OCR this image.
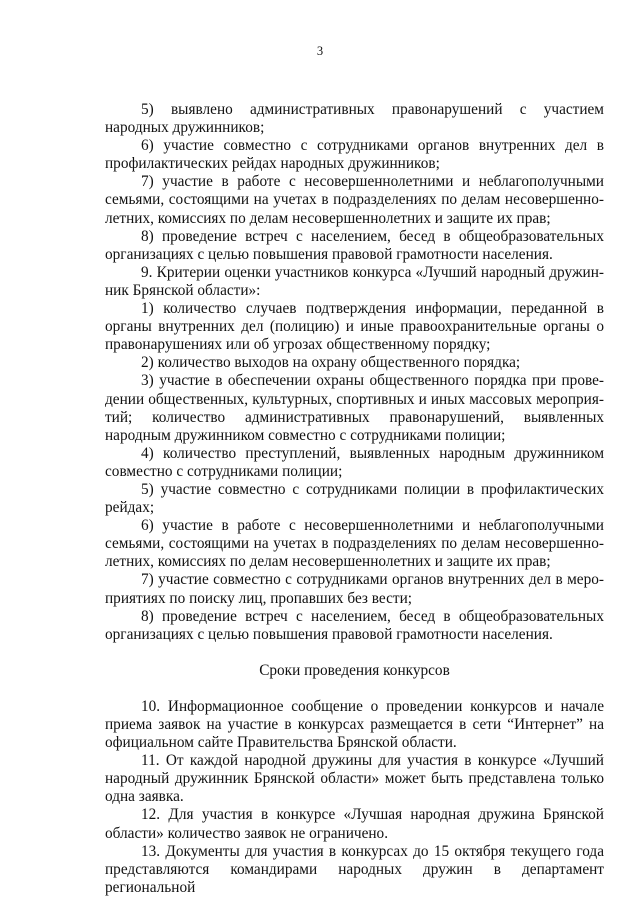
3

5) выявлено административных правонарушений с участием народных дружинников;

6) участие совместно с сотрудниками органов внутренних дел в профилактических рейдах народных дружинников;

7) участие в работе с несовершеннолетними и неблагополучными семьями, состоящими на учетах в подразделениях по делам несовершеннолетних, комиссиях по делам несовершеннолетних и защите их прав;

8) проведение встреч с населением, бесед в общеобразовательных организациях с целью повышения правовой грамотности населения.

9. Критерии оценки участников конкурса «Лучший народный дружинник Брянской области»:

1) количество случаев подтверждения информации, переданной в органы внутренних дел (полицию) и иные правоохранительные органы о правонарушениях или об угрозах общественному порядку;

2) количество выходов на охрану общественного порядка;

3) участие в обеспечении охраны общественного порядка при проведении общественных, культурных, спортивных и иных массовых мероприятий; количество административных правонарушений, выявленных народным дружинником совместно с сотрудниками полиции;

4) количество преступлений, выявленных народным дружинником совместно с сотрудниками полиции;

5) участие совместно с сотрудниками полиции в профилактических рейдах;

6) участие в работе с несовершеннолетними и неблагополучными семьями, состоящими на учетах в подразделениях по делам несовершеннолетних, комиссиях по делам несовершеннолетних и защите их прав;

7) участие совместно с сотрудниками органов внутренних дел в мероприятиях по поиску лиц, пропавших без вести;

8) проведение встреч с населением, бесед в общеобразовательных организациях с целью повышения правовой грамотности населения.

Сроки проведения конкурсов

10. Информационное сообщение о проведении конкурсов и начале приема заявок на участие в конкурсах размещается в сети “Интернет” на официальном сайте Правительства Брянской области.

11. От каждой народной дружины для участия в конкурсе «Лучший народный дружинник Брянской области» может быть представлена только одна заявка.

12. Для участия в конкурсе «Лучшая народная дружина Брянской области» количество заявок не ограничено.

13. Документы для участия в конкурсах до 15 октября текущего года представляются командирами народных дружин в департамент региональной
